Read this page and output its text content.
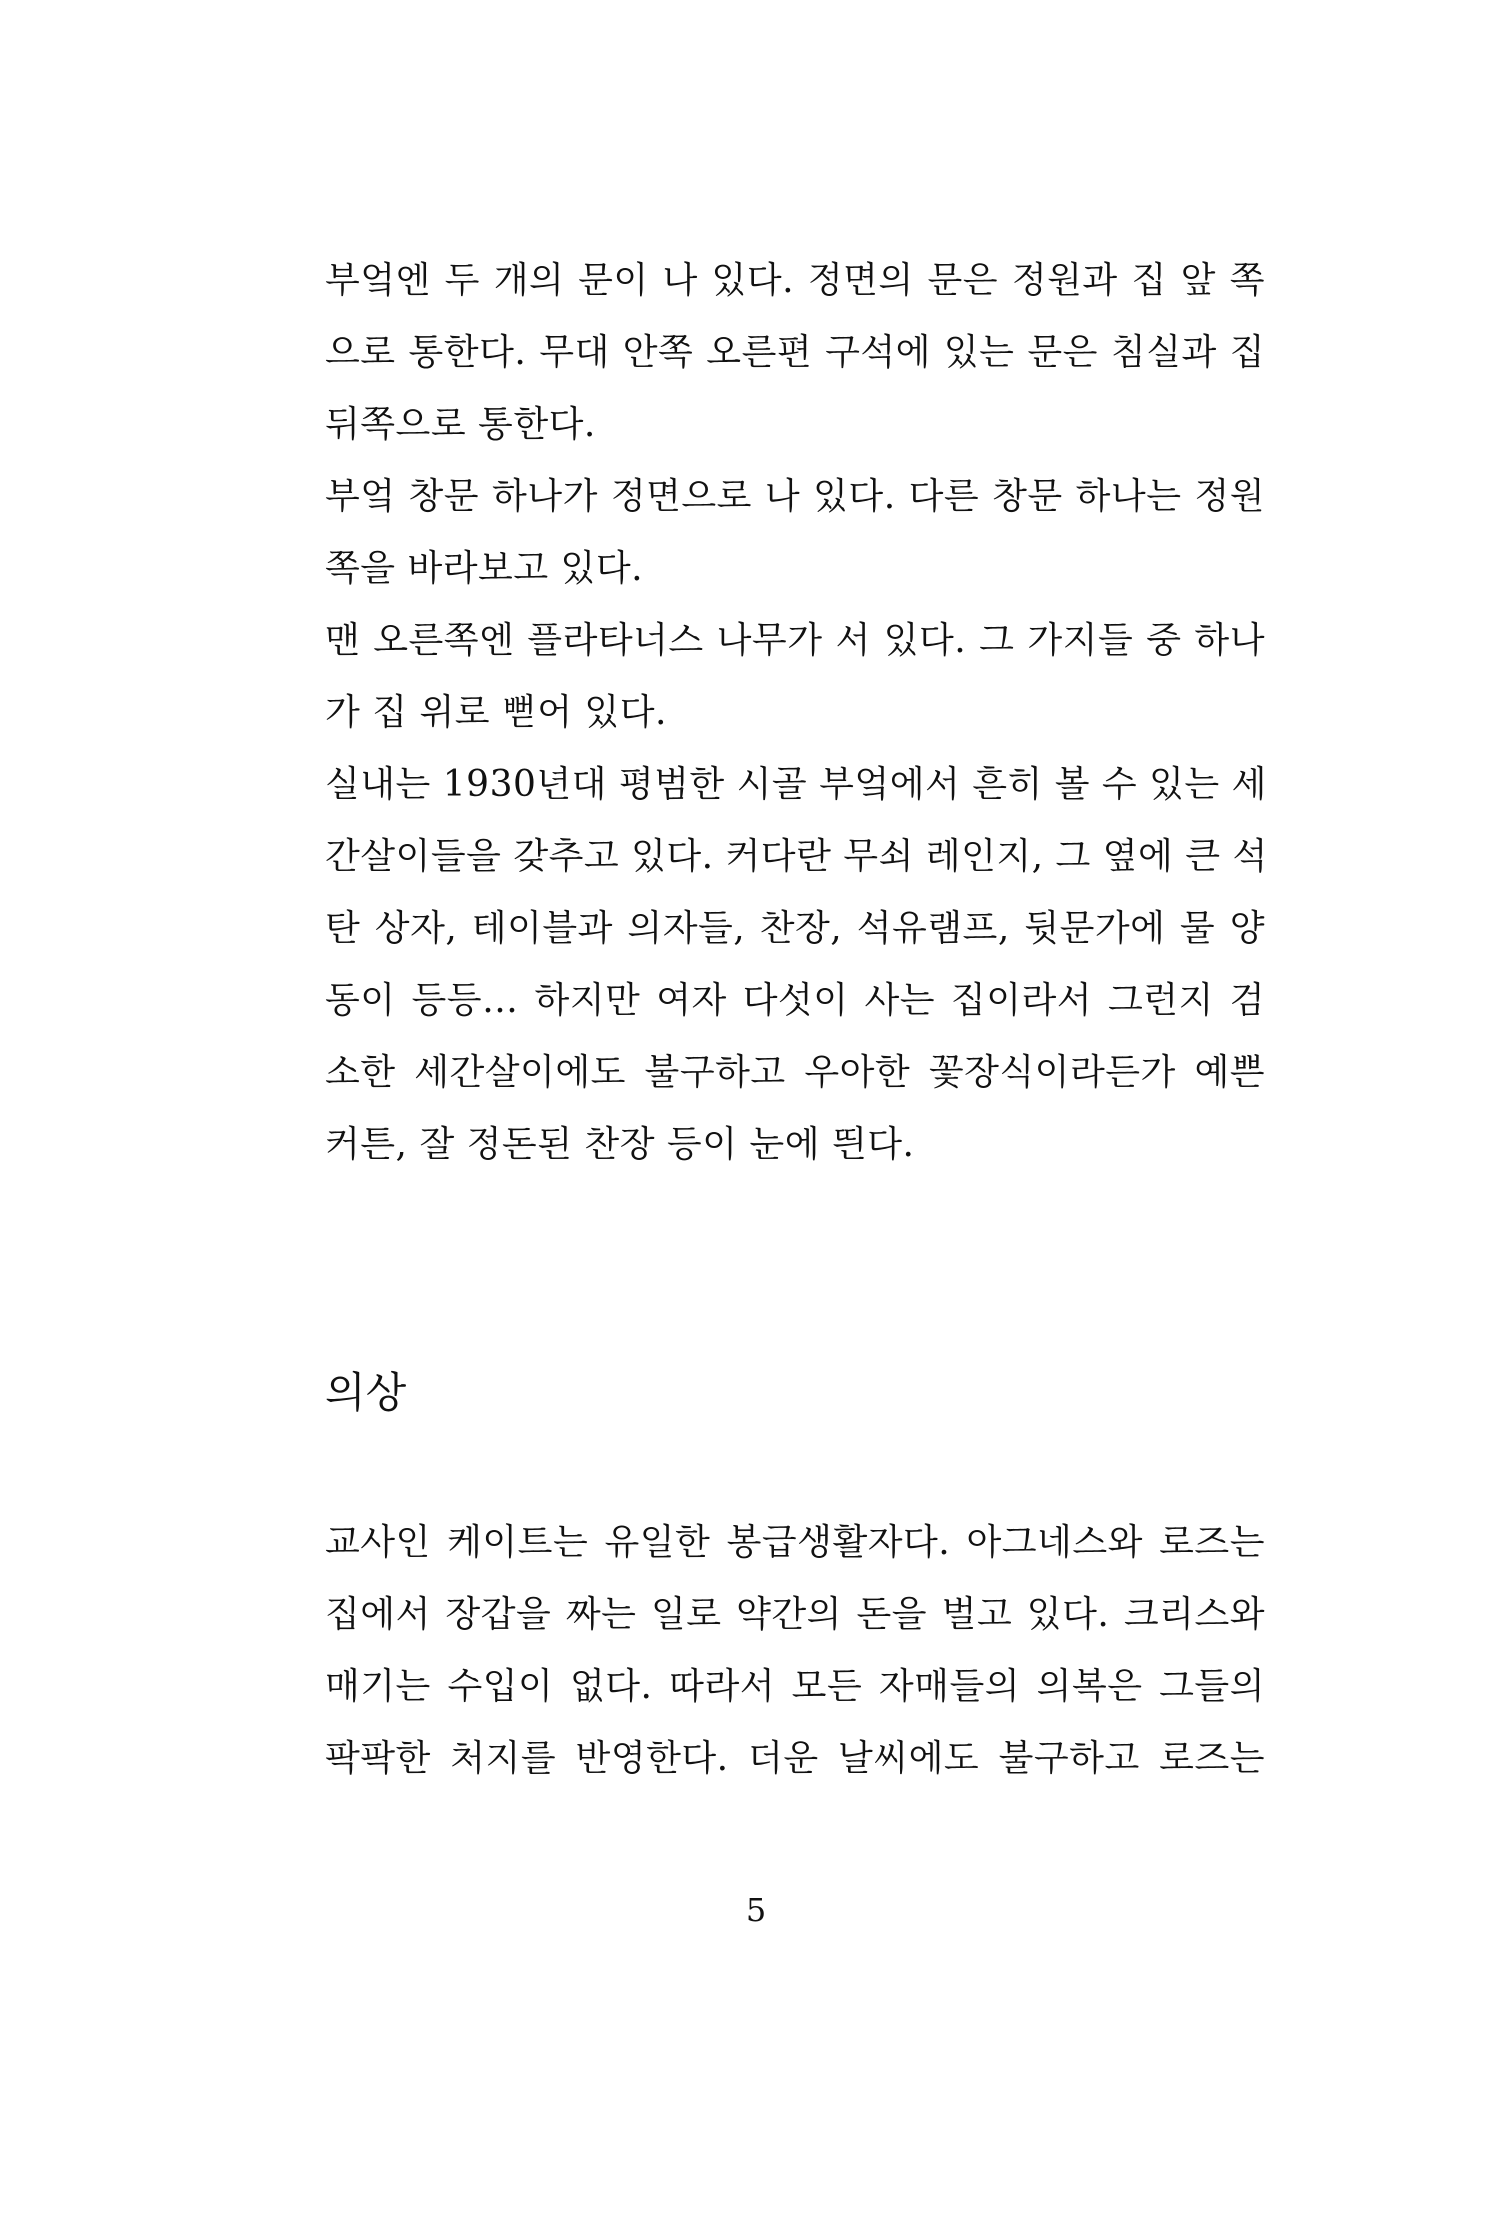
부엌엔 두 개의 문이 나 있다. 정면의 문은 정원과 집 앞 쪽
으로 통한다. 무대 안쪽 오른편 구석에 있는 문은 침실과 집
뒤쪽으로 통한다.
부엌 창문 하나가 정면으로 나 있다. 다른 창문 하나는 정원
쪽을 바라보고 있다.
맨 오른쪽엔 플라타너스 나무가 서 있다. 그 가지들 중 하나
가 집 위로 뻗어 있다.
실내는 1930년대 평범한 시골 부엌에서 흔히 볼 수 있는 세
간살이들을 갖추고 있다. 커다란 무쇠 레인지, 그 옆에 큰 석
탄 상자, 테이블과 의자들, 찬장, 석유램프, 뒷문가에 물 양
동이 등등… 하지만 여자 다섯이 사는 집이라서 그런지 검
소한 세간살이에도 불구하고 우아한 꽃장식이라든가 예쁜
커튼, 잘 정돈된 찬장 등이 눈에 띈다.
의상
교사인 케이트는 유일한 봉급생활자다. 아그네스와 로즈는
집에서 장갑을 짜는 일로 약간의 돈을 벌고 있다. 크리스와
매기는 수입이 없다. 따라서 모든 자매들의 의복은 그들의
팍팍한 처지를 반영한다. 더운 날씨에도 불구하고 로즈는
5
